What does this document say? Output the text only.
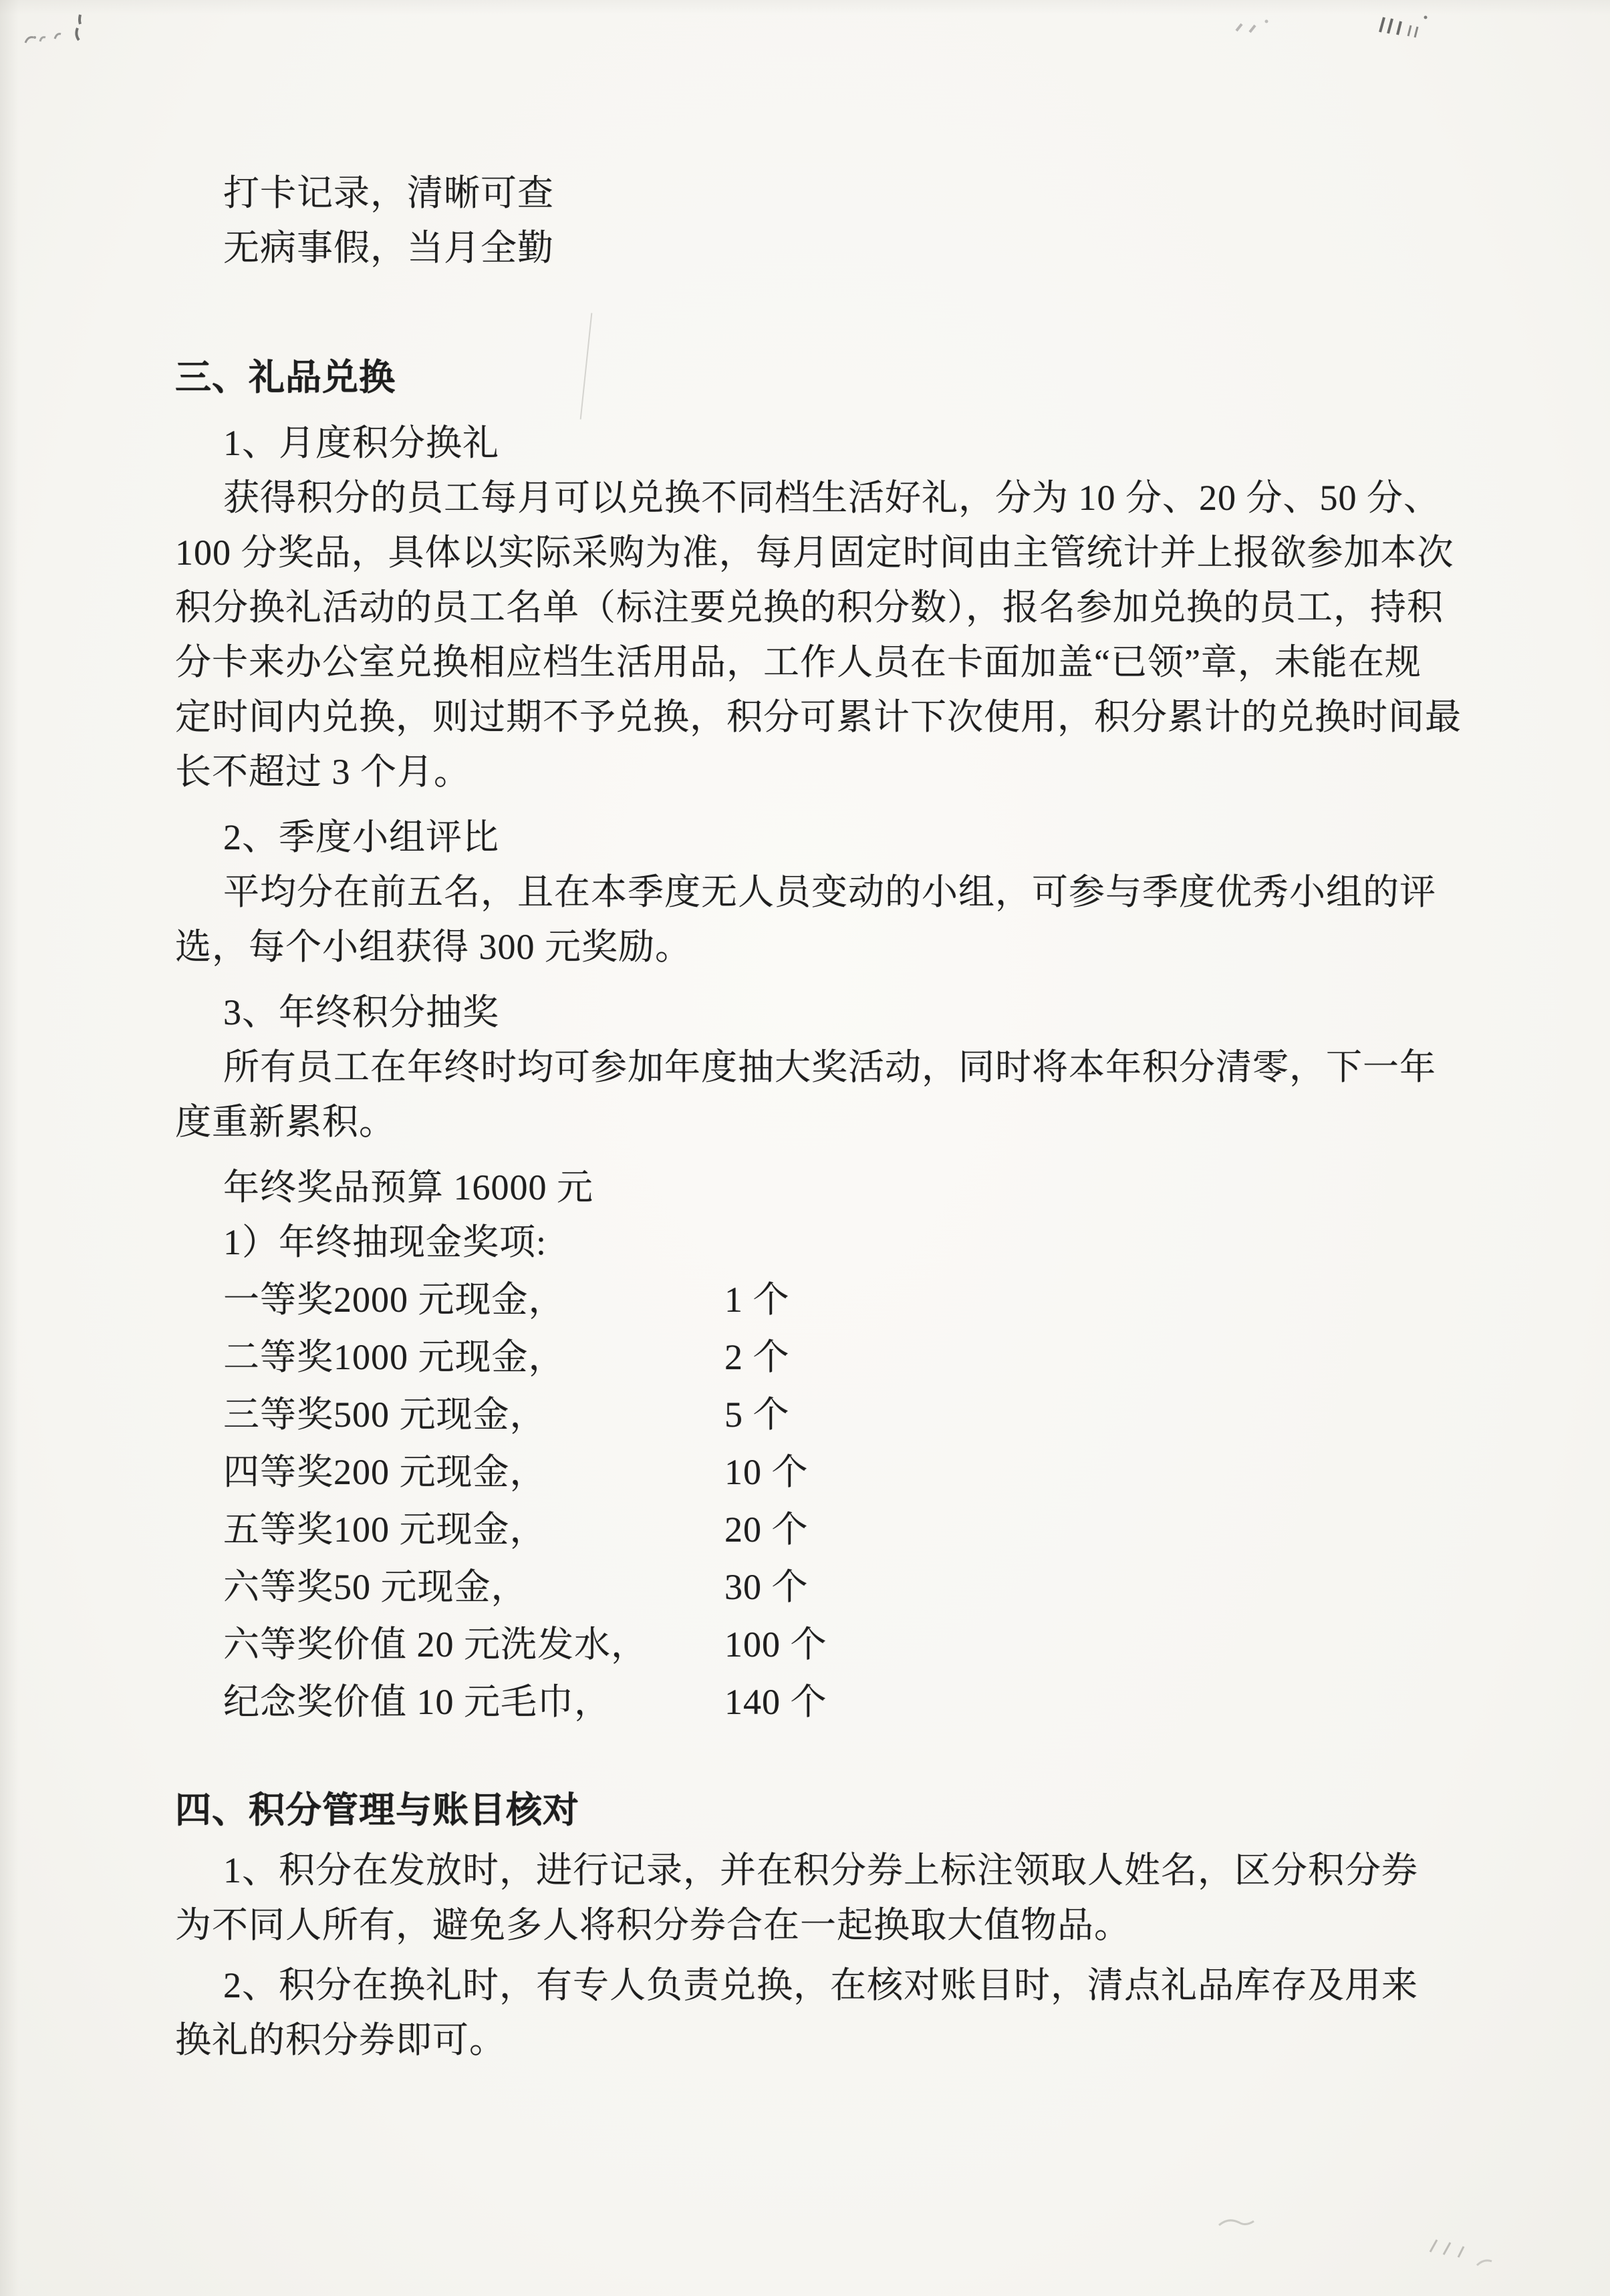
打卡记录，清晰可查
无病事假，当月全勤
三、礼品兑换
1、月度积分换礼
获得积分的员工每月可以兑换不同档生活好礼，分为 10 分、20 分、50 分、
100 分奖品，具体以实际采购为准，每月固定时间由主管统计并上报欲参加本次
积分换礼活动的员工名单（标注要兑换的积分数），报名参加兑换的员工，持积
分卡来办公室兑换相应档生活用品，工作人员在卡面加盖“已领”章，未能在规
定时间内兑换，则过期不予兑换，积分可累计下次使用，积分累计的兑换时间最
长不超过 3 个月。
2、季度小组评比
平均分在前五名，且在本季度无人员变动的小组，可参与季度优秀小组的评
选，每个小组获得 300 元奖励。
3、年终积分抽奖
所有员工在年终时均可参加年度抽大奖活动，同时将本年积分清零，下一年
度重新累积。
年终奖品预算 16000 元
1）年终抽现金奖项:
一等奖2000 元现金，	1 个
二等奖1000 元现金，	2 个
三等奖500 元现金，	5 个
四等奖200 元现金，	10 个
五等奖100 元现金，	20 个
六等奖50 元现金，	30 个
六等奖价值 20 元洗发水， 100 个
纪念奖价值 10 元毛巾，	140 个
四、积分管理与账目核对
1、积分在发放时，进行记录，并在积分券上标注领取人姓名，区分积分券
为不同人所有，避免多人将积分券合在一起换取大值物品。
2、积分在换礼时，有专人负责兑换，在核对账目时，清点礼品库存及用来
换礼的积分券即可。
